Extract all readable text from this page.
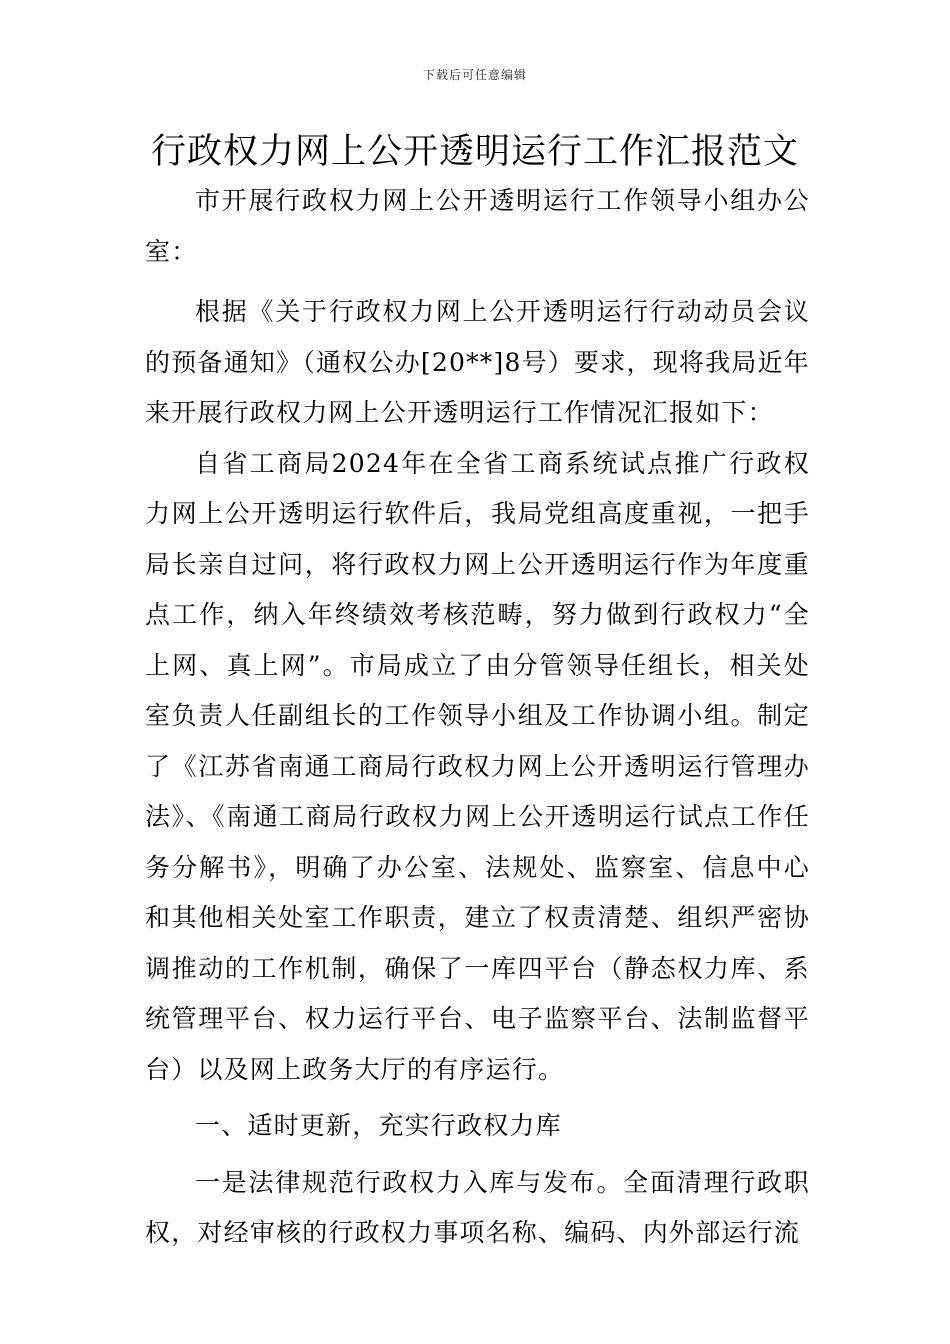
下载后可任意编辑
行政权力网上公开透明运行工作汇报范文

市开展行政权力网上公开透明运行工作领导小组办公室：

根据《关于行政权力网上公开透明运行行动动员会议的预备通知》（通权公办[20**]8号）要求，现将我局近年来开展行政权力网上公开透明运行工作情况汇报如下：

自省工商局2024年在全省工商系统试点推广行政权力网上公开透明运行软件后，我局党组高度重视，一把手局长亲自过问，将行政权力网上公开透明运行作为年度重点工作，纳入年终绩效考核范畴，努力做到行政权力“全上网、真上网”。市局成立了由分管领导任组长，相关处室负责人任副组长的工作领导小组及工作协调小组。制定了《江苏省南通工商局行政权力网上公开透明运行管理办法》、《南通工商局行政权力网上公开透明运行试点工作任务分解书》，明确了办公室、法规处、监察室、信息中心和其他相关处室工作职责，建立了权责清楚、组织严密协调推动的工作机制，确保了一库四平台（静态权力库、系统管理平台、权力运行平台、电子监察平台、法制监督平台）以及网上政务大厅的有序运行。

一、适时更新，充实行政权力库

一是法律规范行政权力入库与发布。全面清理行政职权，对经审核的行政权力事项名称、编码、内外部运行流
